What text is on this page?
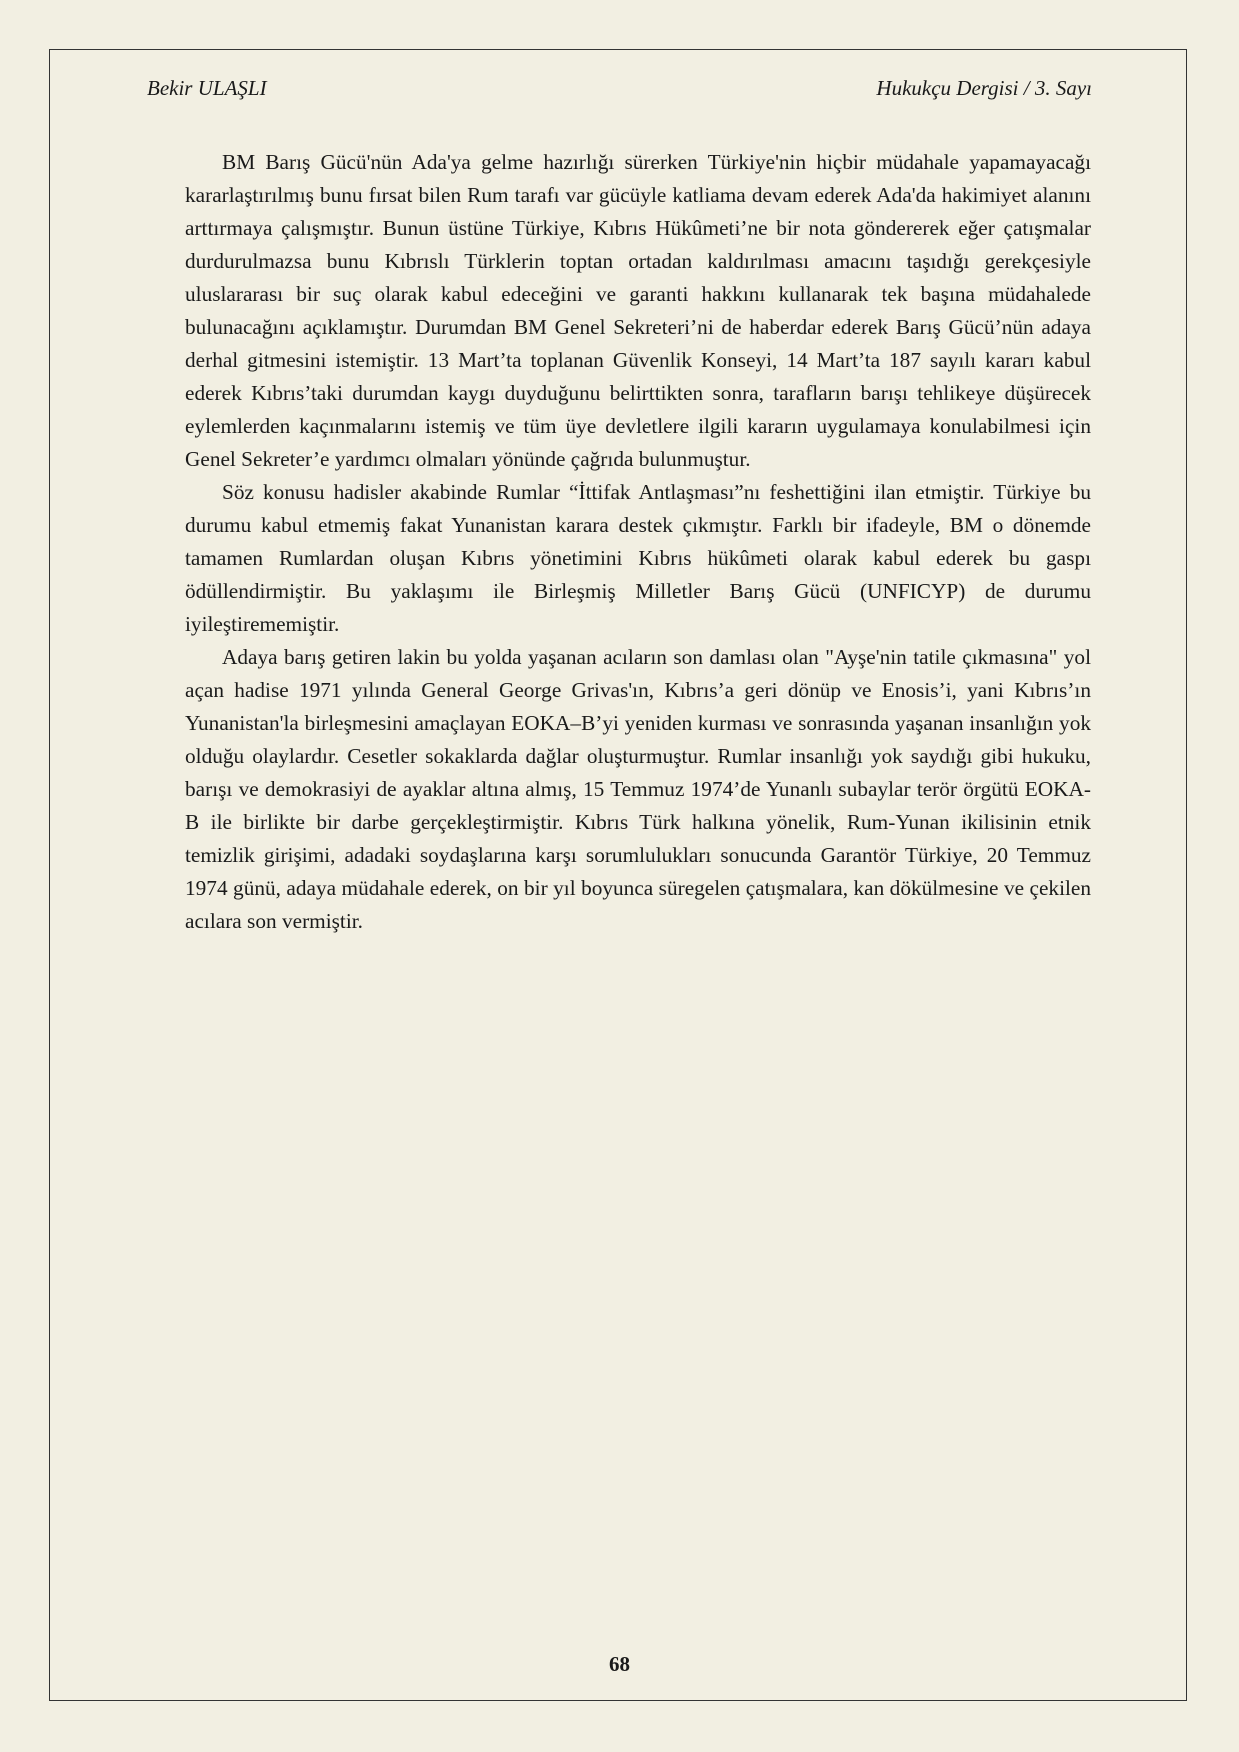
Bekir ULAŞLI	Hukukçu Dergisi / 3. Sayı

BM Barış Gücü'nün Ada'ya gelme hazırlığı sürerken Türkiye'nin hiçbir müdahale yapamayacağı kararlaştırılmış bunu fırsat bilen Rum tarafı var gücüyle katliama devam ederek Ada'da hakimiyet alanını arttırmaya çalışmıştır. Bunun üstüne Türkiye, Kıbrıs Hükûmeti’ne bir nota göndererek eğer çatışmalar durdurulmazsa bunu Kıbrıslı Türklerin toptan ortadan kaldırılması amacını taşıdığı gerekçesiyle uluslararası bir suç olarak kabul edeceğini ve garanti hakkını kullanarak tek başına müdahalede bulunacağını açıklamıştır. Durumdan BM Genel Sekreteri’ni de haberdar ederek Barış Gücü’nün adaya derhal gitmesini istemiştir. 13 Mart’ta toplanan Güvenlik Konseyi, 14 Mart’ta 187 sayılı kararı kabul ederek Kıbrıs’taki durumdan kaygı duyduğunu belirttikten sonra, tarafların barışı tehlikeye düşürecek eylemlerden kaçınmalarını istemiş ve tüm üye devletlere ilgili kararın uygulamaya konulabilmesi için Genel Sekreter’e yardımcı olmaları yönünde çağrıda bulunmuştur.

Söz konusu hadisler akabinde Rumlar “İttifak Antlaşması”nı feshettiğini ilan etmiştir. Türkiye bu durumu kabul etmemiş fakat Yunanistan karara destek çıkmıştır. Farklı bir ifadeyle, BM o dönemde tamamen Rumlardan oluşan Kıbrıs yönetimini Kıbrıs hükûmeti olarak kabul ederek bu gaspı ödüllendirmiştir. Bu yaklaşımı ile Birleşmiş Milletler Barış Gücü (UNFICYP) de durumu iyileştirememiştir.

Adaya barış getiren lakin bu yolda yaşanan acıların son damlası olan "Ayşe'nin tatile çıkmasına" yol açan hadise 1971 yılında General George Grivas'ın, Kıbrıs’a geri dönüp ve Enosis’i, yani Kıbrıs’ın Yunanistan'la birleşmesini amaçlayan EOKA–B’yi yeniden kurması ve sonrasında yaşanan insanlığın yok olduğu olaylardır. Cesetler sokaklarda dağlar oluşturmuştur. Rumlar insanlığı yok saydığı gibi hukuku, barışı ve demokrasiyi de ayaklar altına almış, 15 Temmuz 1974’de Yunanlı subaylar terör örgütü EOKA-B ile birlikte bir darbe gerçekleştirmiştir. Kıbrıs Türk halkına yönelik, Rum-Yunan ikilisinin etnik temizlik girişimi, adadaki soydaşlarına karşı sorumlulukları sonucunda Garantör Türkiye, 20 Temmuz 1974 günü, adaya müdahale ederek, on bir yıl boyunca süregelen çatışmalara, kan dökülmesine ve çekilen acılara son vermiştir.

68
